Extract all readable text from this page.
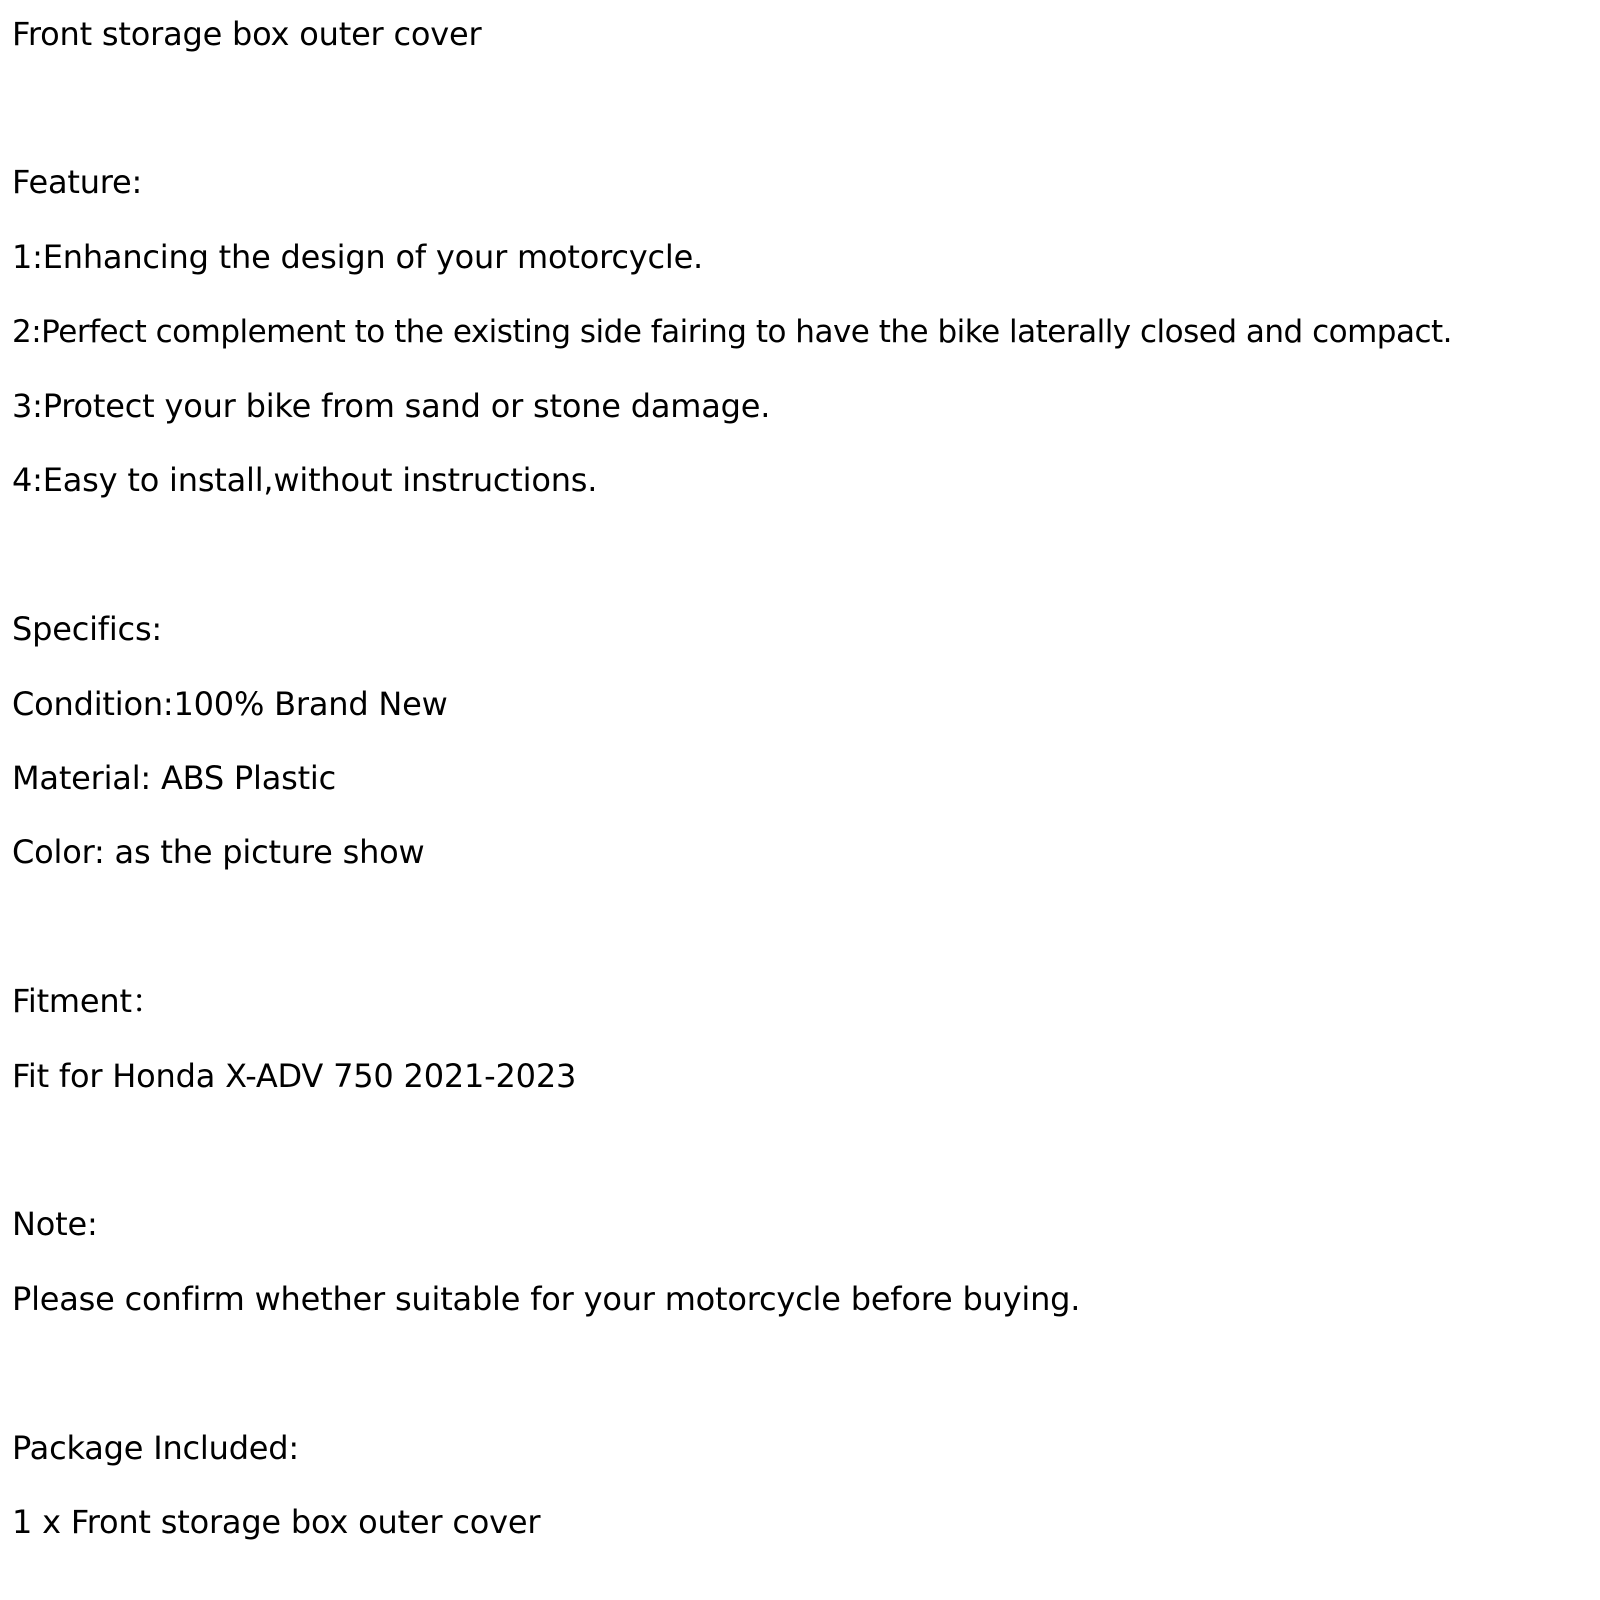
Front storage box outer cover
Feature:
1:Enhancing the design of your motorcycle.
2:Perfect complement to the existing side fairing to have the bike laterally closed and compact.
3:Protect your bike from sand or stone damage.
4:Easy to install,without instructions.
Specifics:
Condition:100% Brand New
Material: ABS Plastic
Color: as the picture show
Fitment：
Fit for Honda X-ADV 750 2021-2023
Note:
Please confirm whether suitable for your motorcycle before buying.
Package Included:
1 x Front storage box outer cover
